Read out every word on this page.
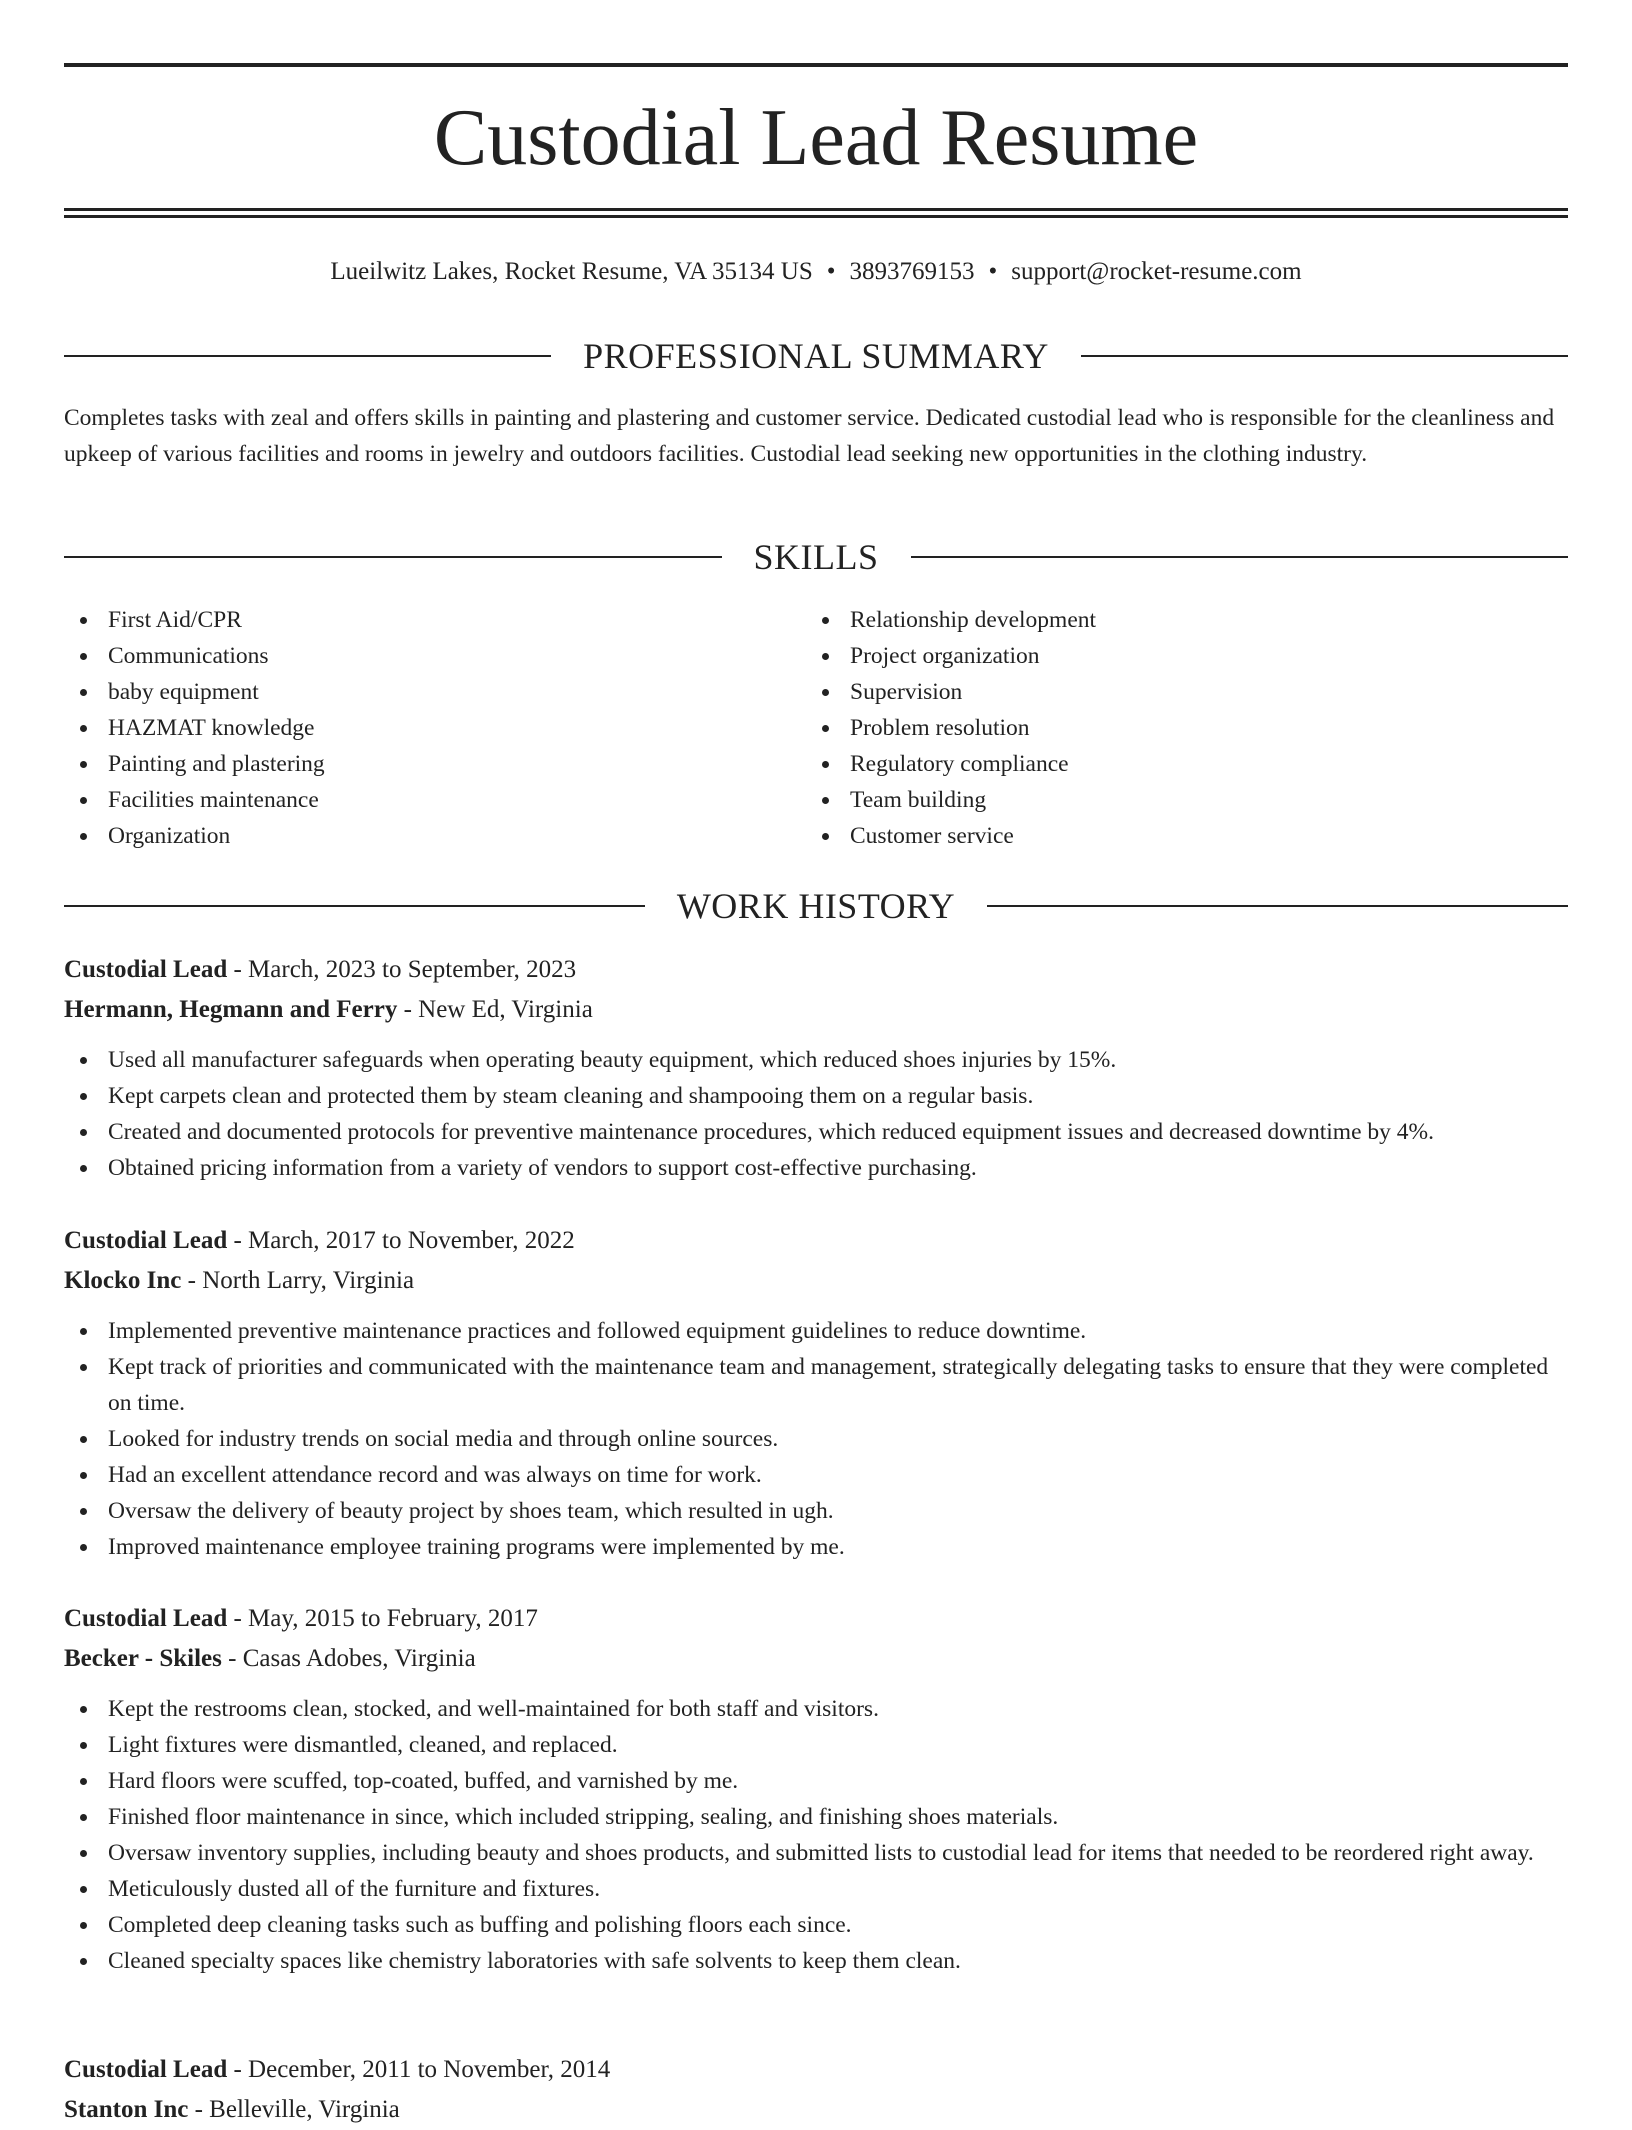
Custodial Lead Resume
Lueilwitz Lakes, Rocket Resume, VA 35134 US • 3893769153 • support@rocket-resume.com
PROFESSIONAL SUMMARY

Completes tasks with zeal and offers skills in painting and plastering and customer service. Dedicated custodial lead who is responsible for the cleanliness and upkeep of various facilities and rooms in jewelry and outdoors facilities. Custodial lead seeking new opportunities in the clothing industry.

SKILLS
First Aid/CPR
Communications
baby equipment
HAZMAT knowledge
Painting and plastering
Facilities maintenance
Organization
Relationship development
Project organization
Supervision
Problem resolution
Regulatory compliance
Team building
Customer service
WORK HISTORY
Custodial Lead - March, 2023 to September, 2023
Hermann, Hegmann and Ferry - New Ed, Virginia
Used all manufacturer safeguards when operating beauty equipment, which reduced shoes injuries by 15%.
Kept carpets clean and protected them by steam cleaning and shampooing them on a regular basis.
Created and documented protocols for preventive maintenance procedures, which reduced equipment issues and decreased downtime by 4%.
Obtained pricing information from a variety of vendors to support cost-effective purchasing.
Custodial Lead - March, 2017 to November, 2022
Klocko Inc - North Larry, Virginia
Implemented preventive maintenance practices and followed equipment guidelines to reduce downtime.
Kept track of priorities and communicated with the maintenance team and management, strategically delegating tasks to ensure that they were completed on time.
Looked for industry trends on social media and through online sources.
Had an excellent attendance record and was always on time for work.
Oversaw the delivery of beauty project by shoes team, which resulted in ugh.
Improved maintenance employee training programs were implemented by me.
Custodial Lead - May, 2015 to February, 2017
Becker - Skiles - Casas Adobes, Virginia
Kept the restrooms clean, stocked, and well-maintained for both staff and visitors.
Light fixtures were dismantled, cleaned, and replaced.
Hard floors were scuffed, top-coated, buffed, and varnished by me.
Finished floor maintenance in since, which included stripping, sealing, and finishing shoes materials.
Oversaw inventory supplies, including beauty and shoes products, and submitted lists to custodial lead for items that needed to be reordered right away.
Meticulously dusted all of the furniture and fixtures.
Completed deep cleaning tasks such as buffing and polishing floors each since.
Cleaned specialty spaces like chemistry laboratories with safe solvents to keep them clean.
Custodial Lead - December, 2011 to November, 2014
Stanton Inc - Belleville, Virginia
